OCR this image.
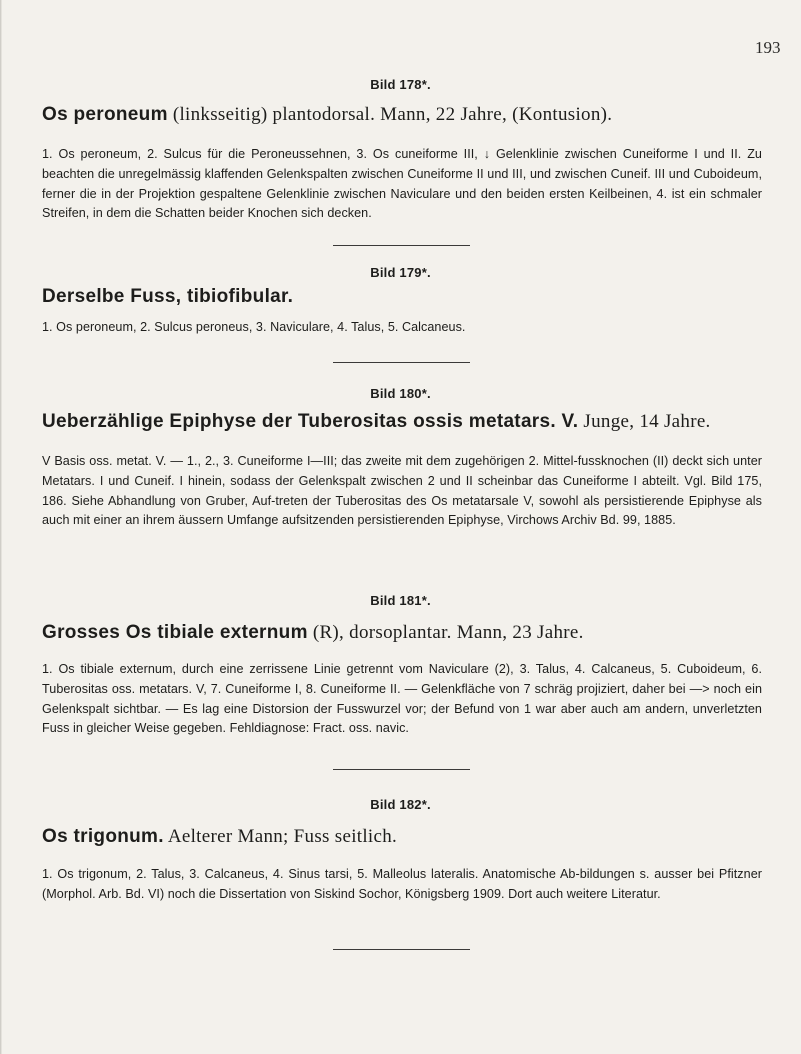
193
Bild 178*.
Os peroneum (linksseitig) plantodorsal. Mann, 22 Jahre, (Kontusion).

1. Os peroneum, 2. Sulcus für die Peroneussehnen, 3. Os cuneiforme III, ↓ Gelenklinie zwischen Cuneiforme I und II. Zu beachten die unregelmässig klaffenden Gelenkspalten zwischen Cuneiforme II und III, und zwischen Cuneif. III und Cuboideum, ferner die in der Projektion gespaltene Gelenklinie zwischen Naviculare und den beiden ersten Keilbeinen, 4. ist ein schmaler Streifen, in dem die Schatten beider Knochen sich decken.

Bild 179*.
Derselbe Fuss, tibiofibular.

1. Os peroneum, 2. Sulcus peroneus, 3. Naviculare, 4. Talus, 5. Calcaneus.

Bild 180*.
Ueberzählige Epiphyse der Tuberositas ossis metatars. V. Junge, 14 Jahre.

V Basis oss. metat. V. — 1., 2., 3. Cuneiforme I—III; das zweite mit dem zugehörigen 2. Mittel-fussknochen (II) deckt sich unter Metatars. I und Cuneif. I hinein, sodass der Gelenkspalt zwischen 2 und II scheinbar das Cuneiforme I abteilt. Vgl. Bild 175, 186. Siehe Abhandlung von Gruber, Auf-treten der Tuberositas des Os metatarsale V, sowohl als persistierende Epiphyse als auch mit einer an ihrem äussern Umfange aufsitzenden persistierenden Epiphyse, Virchows Archiv Bd. 99, 1885.

Bild 181*.
Grosses Os tibiale externum (R), dorsoplantar. Mann, 23 Jahre.

1. Os tibiale externum, durch eine zerrissene Linie getrennt vom Naviculare (2), 3. Talus, 4. Calcaneus, 5. Cuboideum, 6. Tuberositas oss. metatars. V, 7. Cuneiforme I, 8. Cuneiforme II. — Gelenkfläche von 7 schräg projiziert, daher bei —> noch ein Gelenkspalt sichtbar. — Es lag eine Distorsion der Fusswurzel vor; der Befund von 1 war aber auch am andern, unverletzten Fuss in gleicher Weise gegeben. Fehldiagnose: Fract. oss. navic.

Bild 182*.
Os trigonum. Aelterer Mann; Fuss seitlich.

1. Os trigonum, 2. Talus, 3. Calcaneus, 4. Sinus tarsi, 5. Malleolus lateralis. Anatomische Ab-bildungen s. ausser bei Pfitzner (Morphol. Arb. Bd. VI) noch die Dissertation von Siskind Sochor, Königsberg 1909. Dort auch weitere Literatur.
